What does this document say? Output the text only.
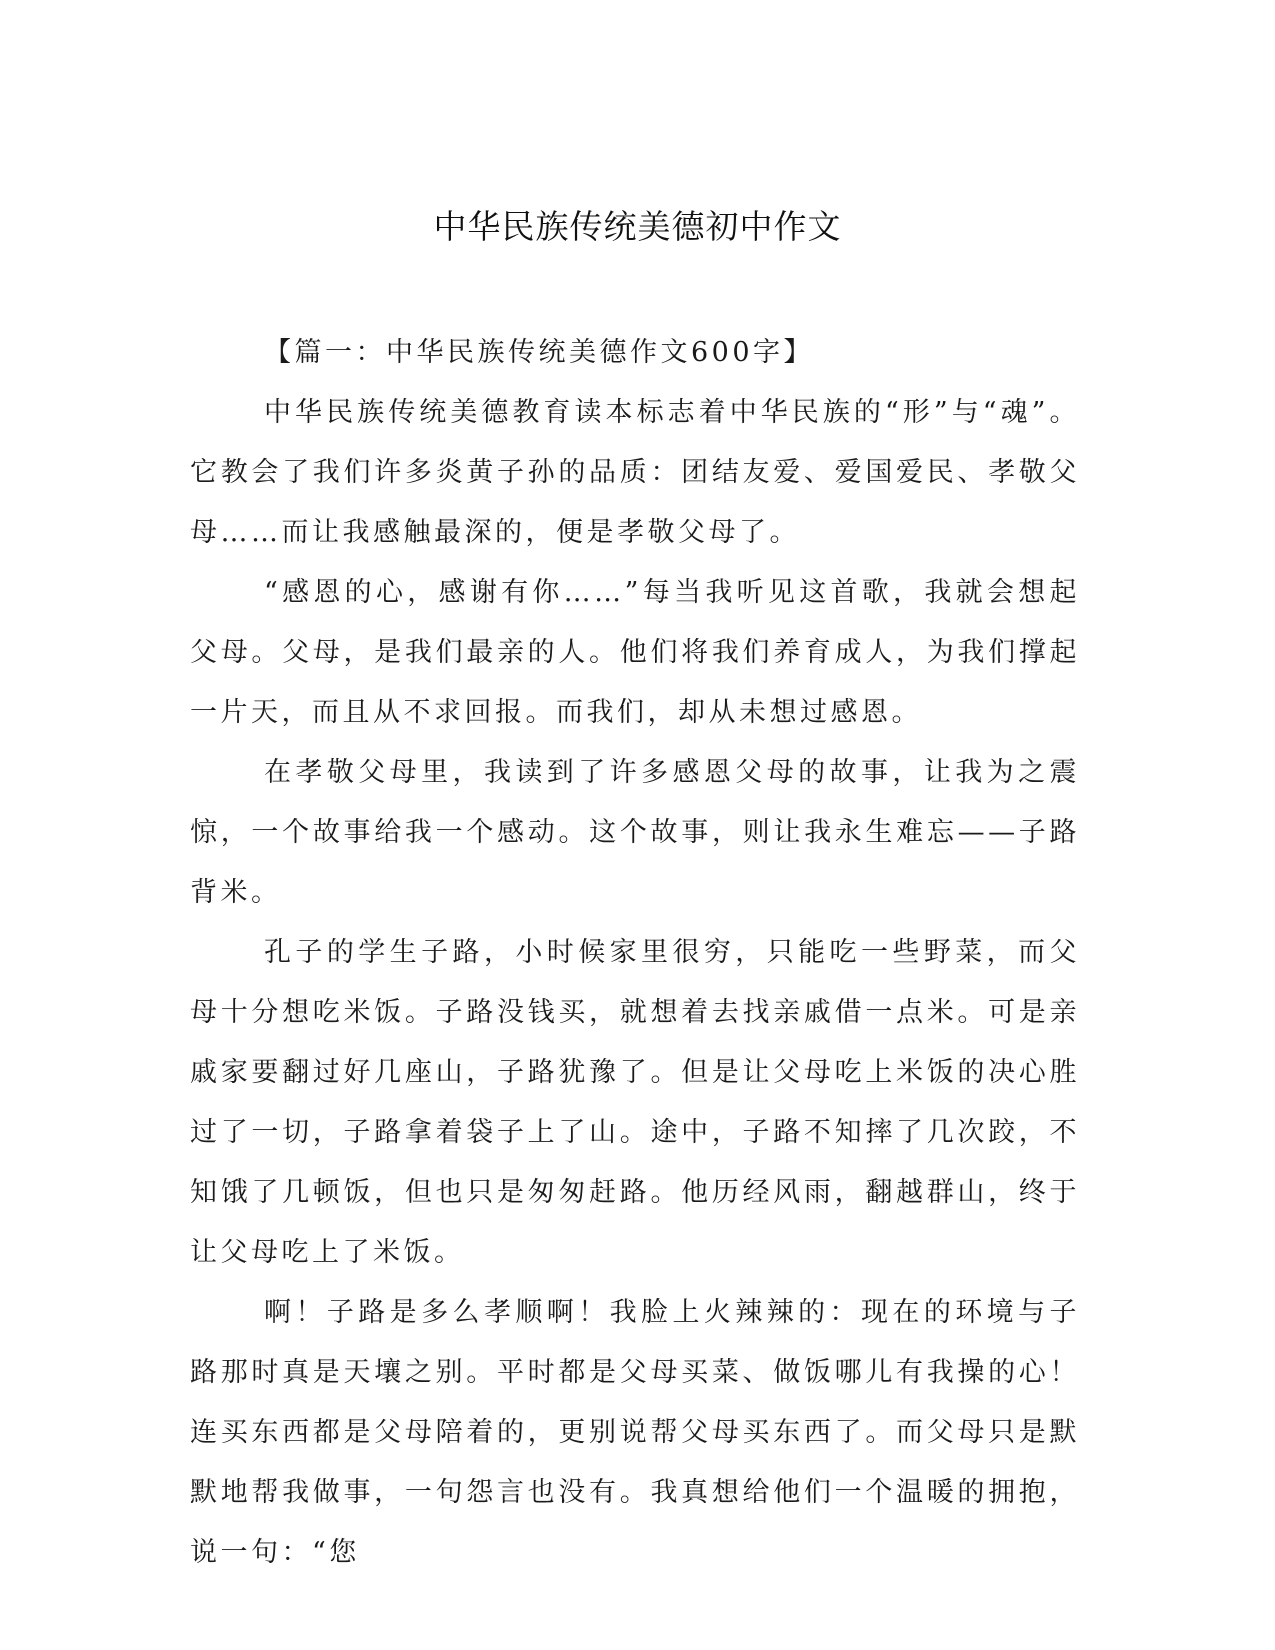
中华民族传统美德初中作文
【篇一：中华民族传统美德作文600字】

中华民族传统美德教育读本标志着中华民族的“形”与“魂”。它教会了我们许多炎黄子孙的品质：团结友爱、爱国爱民、孝敬父母……而让我感触最深的，便是孝敬父母了。

“感恩的心，感谢有你……”每当我听见这首歌，我就会想起父母。父母，是我们最亲的人。他们将我们养育成人，为我们撑起一片天，而且从不求回报。而我们，却从未想过感恩。

在孝敬父母里，我读到了许多感恩父母的故事，让我为之震惊，一个故事给我一个感动。这个故事，则让我永生难忘——子路背米。

孔子的学生子路，小时候家里很穷，只能吃一些野菜，而父母十分想吃米饭。子路没钱买，就想着去找亲戚借一点米。可是亲戚家要翻过好几座山，子路犹豫了。但是让父母吃上米饭的决心胜过了一切，子路拿着袋子上了山。途中，子路不知摔了几次跤，不知饿了几顿饭，但也只是匆匆赶路。他历经风雨，翻越群山，终于让父母吃上了米饭。

啊！子路是多么孝顺啊！我脸上火辣辣的：现在的环境与子路那时真是天壤之别。平时都是父母买菜、做饭哪儿有我操的心！连买东西都是父母陪着的，更别说帮父母买东西了。而父母只是默默地帮我做事，一句怨言也没有。我真想给他们一个温暖的拥抱，说一句：“您
